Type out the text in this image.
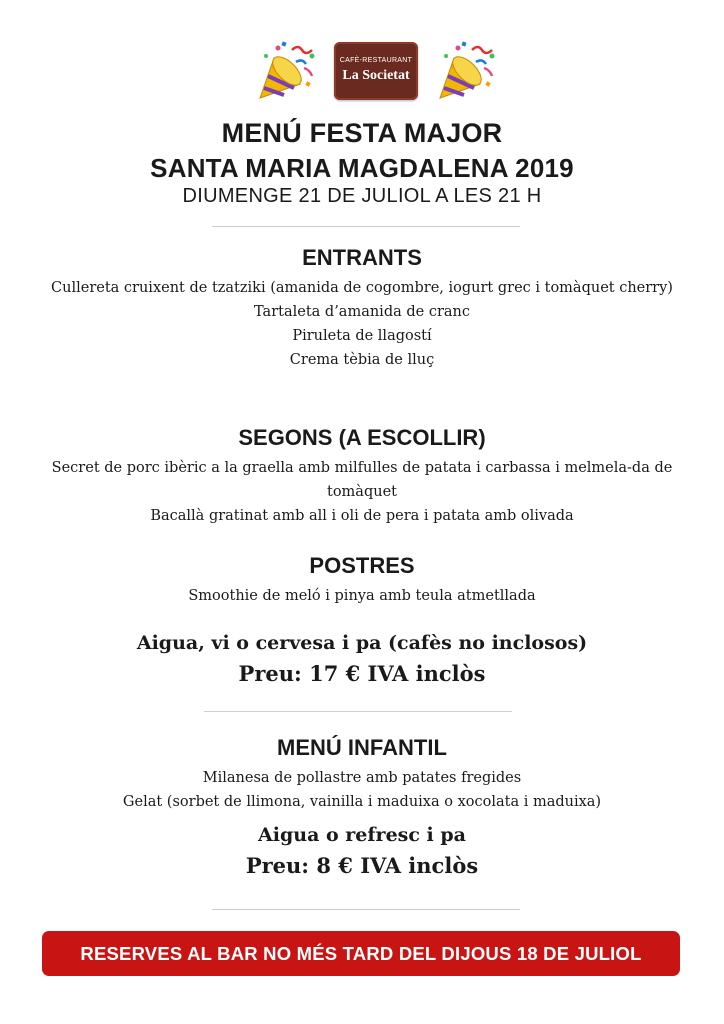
CAFÈ-RESTAURANT
La Societat
MENÚ FESTA MAJOR
SANTA MARIA MAGDALENA 2019
DIUMENGE 21 DE JULIOL A LES 21 H
ENTRANTS
Cullereta cruixent de tzatziki (amanida de cogombre, iogurt grec i tomàquet cherry)
Tartaleta d’amanida de cranc
Piruleta de llagostí
Crema tèbia de lluç
SEGONS (A ESCOLLIR)
Secret de porc ibèric a la graella amb milfulles de patata i carbassa i melmela-da de tomàquet
Bacallà gratinat amb all i oli de pera i patata amb olivada
POSTRES
Smoothie de meló i pinya amb teula atmetllada
Aigua, vi o cervesa i pa (cafès no inclosos)
Preu: 17 € IVA inclòs
MENÚ INFANTIL
Milanesa de pollastre amb patates fregides
Gelat (sorbet de llimona, vainilla i maduixa o xocolata i maduixa)
Aigua o refresc i pa
Preu: 8 € IVA inclòs
RESERVES AL BAR NO MÉS TARD DEL DIJOUS 18 DE JULIOL
